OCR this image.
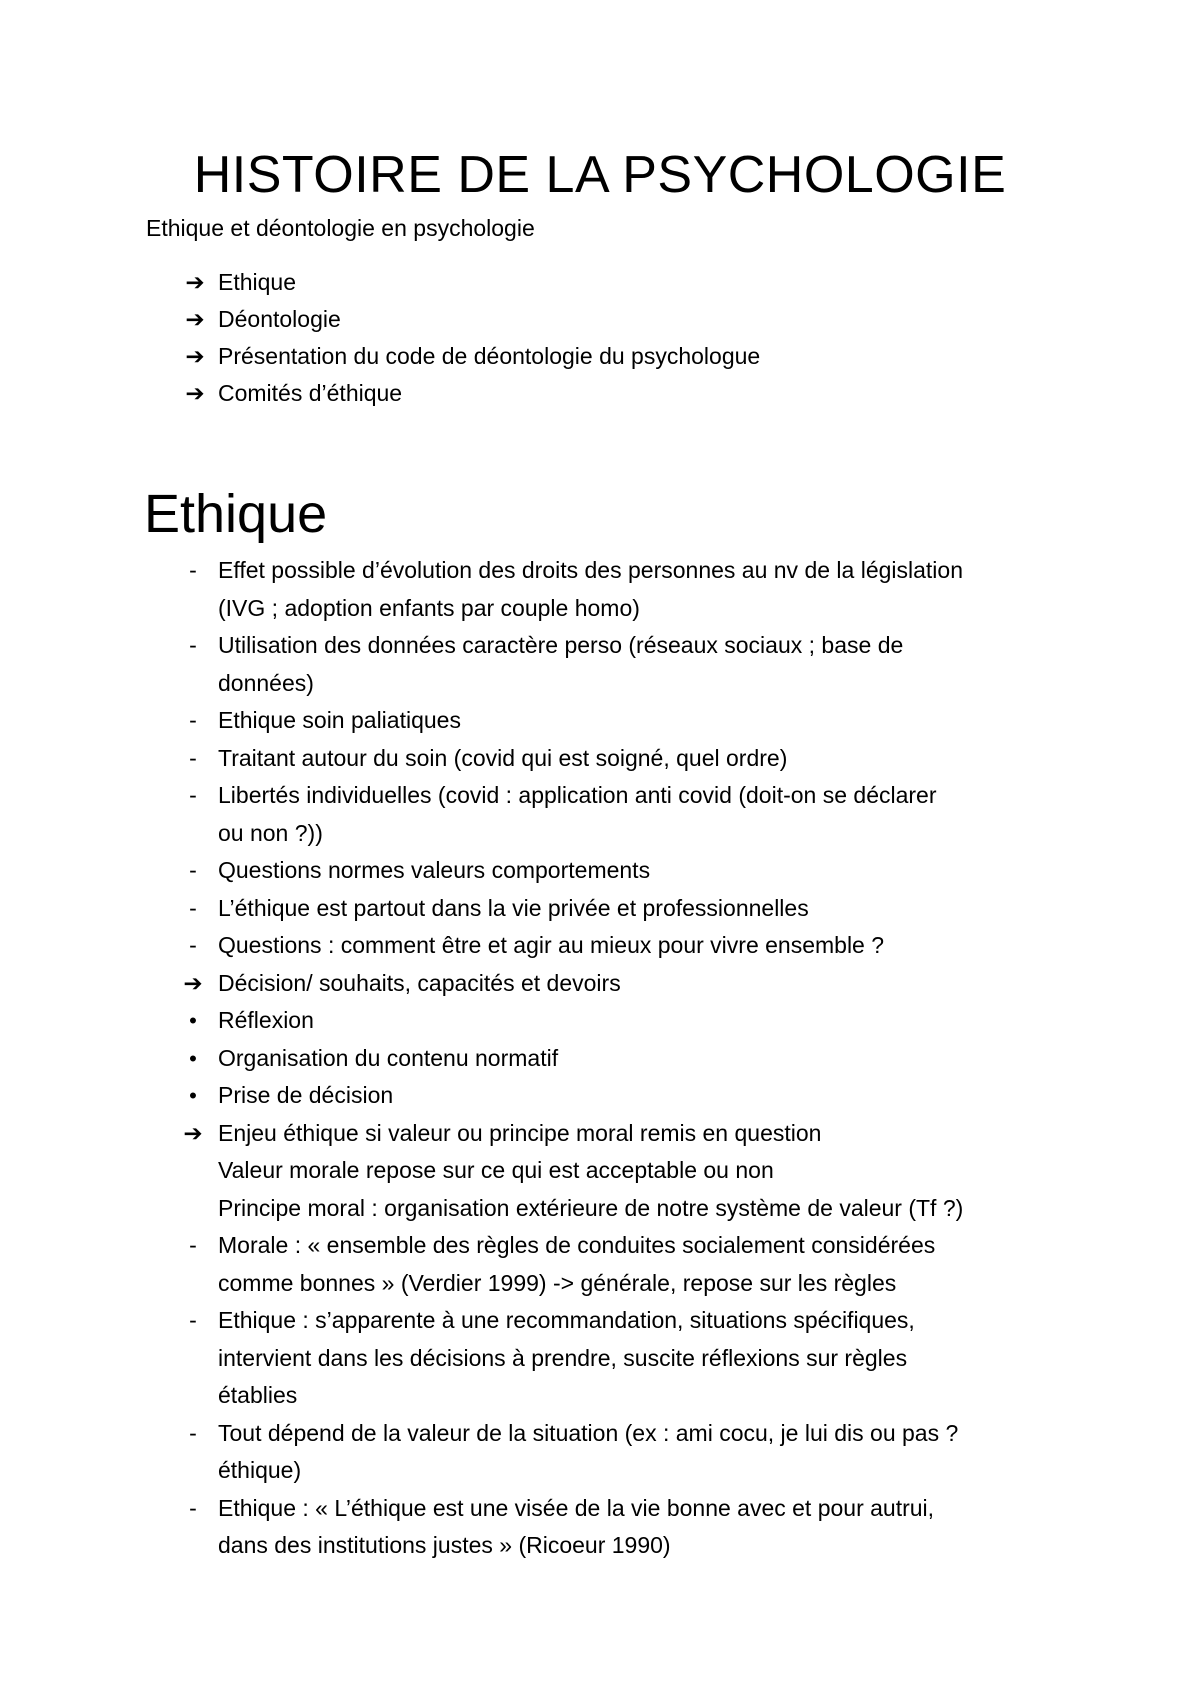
HISTOIRE DE LA PSYCHOLOGIE
Ethique et déontologie en psychologie
➔ Ethique
➔ Déontologie
➔ Présentation du code de déontologie du psychologue
➔ Comités d’éthique
Ethique
- Effet possible d’évolution des droits des personnes au nv de la législation
(IVG ; adoption enfants par couple homo)
- Utilisation des données caractère perso (réseaux sociaux ; base de
données)
- Ethique soin paliatiques
- Traitant autour du soin (covid qui est soigné, quel ordre)
- Libertés individuelles (covid : application anti covid (doit-on se déclarer
ou non ?))
- Questions normes valeurs comportements
- L’éthique est partout dans la vie privée et professionnelles
- Questions : comment être et agir au mieux pour vivre ensemble ?
➔ Décision/ souhaits, capacités et devoirs
• Réflexion
• Organisation du contenu normatif
• Prise de décision
➔ Enjeu éthique si valeur ou principe moral remis en question
Valeur morale repose sur ce qui est acceptable ou non
Principe moral : organisation extérieure de notre système de valeur (Tf ?)
- Morale : « ensemble des règles de conduites socialement considérées
comme bonnes » (Verdier 1999) -> générale, repose sur les règles
- Ethique : s’apparente à une recommandation, situations spécifiques,
intervient dans les décisions à prendre, suscite réflexions sur règles
établies
- Tout dépend de la valeur de la situation (ex : ami cocu, je lui dis ou pas ?
éthique)
- Ethique : « L’éthique est une visée de la vie bonne avec et pour autrui,
dans des institutions justes » (Ricoeur 1990)
